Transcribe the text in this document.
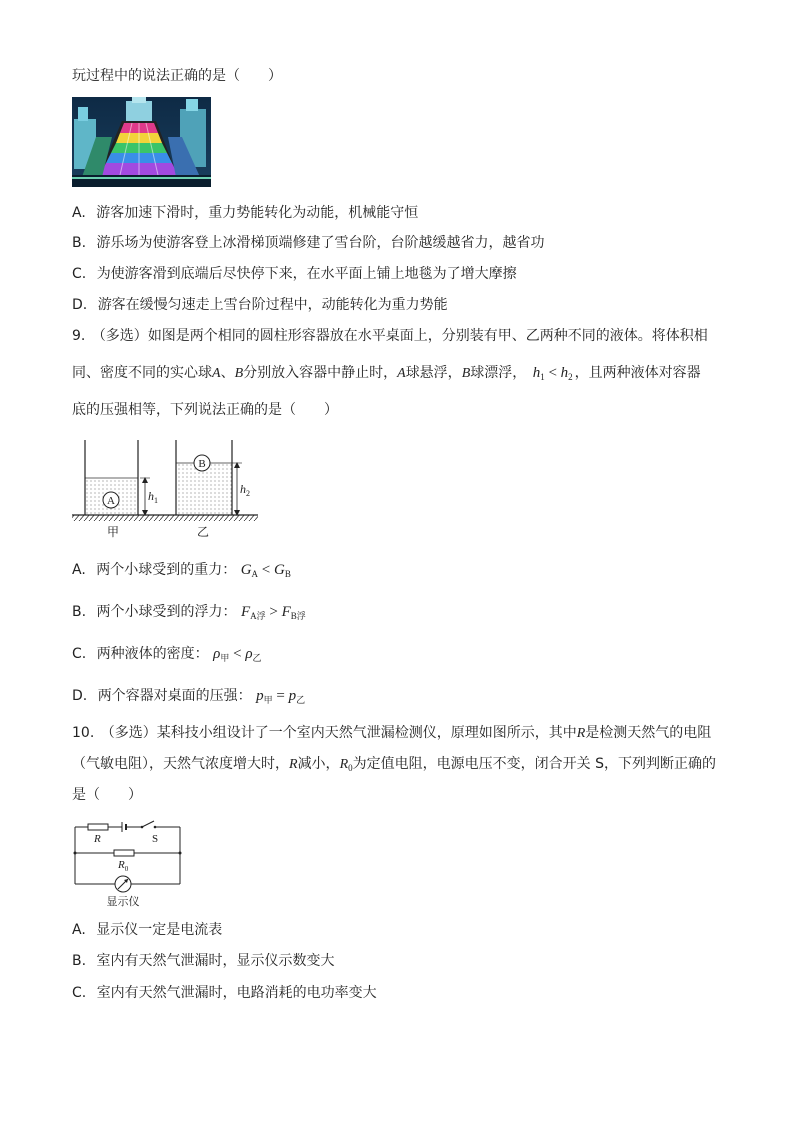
玩过程中的说法正确的是（　　）
A. 游客加速下滑时，重力势能转化为动能，机械能守恒
B. 游乐场为使游客登上冰滑梯顶端修建了雪台阶，台阶越缓越省力，越省功
C. 为使游客滑到底端后尽快停下来，在水平面上铺上地毯为了增大摩擦
D. 游客在缓慢匀速走上雪台阶过程中，动能转化为重力势能
9. （多选）如图是两个相同的圆柱形容器放在水平桌面上，分别装有甲、乙两种不同的液体。将体积相
同、密度不同的实心球A、B分别放入容器中静止时，A球悬浮，B球漂浮， $h_1 < h_2$ ，且两种液体对容器
底的压强相等，下列说法正确的是（　　）
A	$h_1$
B
$h_2$
甲	乙
A. 两个小球受到的重力： $G_A < G_B$
B. 两个小球受到的浮力： $F_{A浮} > F_{B浮}$
C. 两种液体的密度： $\rho_甲 < \rho_乙$
D. 两个容器对桌面的压强： $p_甲 = p_乙$
10. （多选）某科技小组设计了一个室内天然气泄漏检测仪，原理如图所示，其中R是检测天然气的电阻
（气敏电阻），天然气浓度增大时，R减小，$R_0$为定值电阻，电源电压不变，闭合开关 S，下列判断正确的
是（　　）
R	S
$R_0$
显示仪
A. 显示仪一定是电流表
B. 室内有天然气泄漏时，显示仪示数变大
C. 室内有天然气泄漏时，电路消耗的电功率变大
